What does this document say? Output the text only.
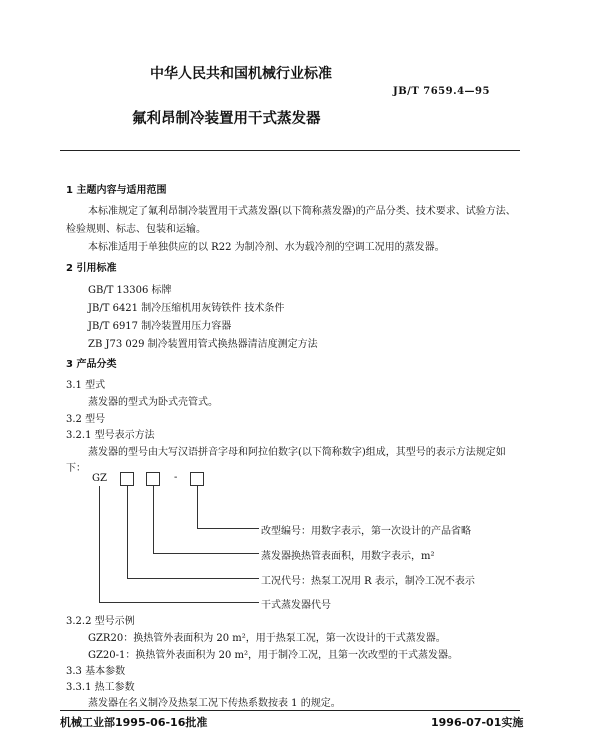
中华人民共和国机械行业标准
JB/T 7659.4—95
氟利昂制冷装置用干式蒸发器
1 主题内容与适用范围
本标准规定了氟利昂制冷装置用干式蒸发器(以下简称蒸发器)的产品分类、技术要求、试验方法、
检验规则、标志、包装和运输。
本标准适用于单独供应的以 R22 为制冷剂、水为载冷剂的空调工况用的蒸发器。
2 引用标准
GB/T 13306 标牌
JB/T 6421 制冷压缩机用灰铸铁件 技术条件
JB/T 6917 制冷装置用压力容器
ZB J73 029 制冷装置用管式换热器清洁度测定方法
3 产品分类
3.1 型式
蒸发器的型式为卧式壳管式。
3.2 型号
3.2.1 型号表示方法
蒸发器的型号由大写汉语拼音字母和阿拉伯数字(以下简称数字)组成，其型号的表示方法规定如
下：
GZ	-
改型编号：用数字表示，第一次设计的产品省略
蒸发器换热管表面积，用数字表示，m²
工况代号：热泵工况用 R 表示，制冷工况不表示
干式蒸发器代号
3.2.2 型号示例
GZR20：换热管外表面积为 20 m²，用于热泵工况，第一次设计的干式蒸发器。
GZ20-1：换热管外表面积为 20 m²，用于制冷工况，且第一次改型的干式蒸发器。
3.3 基本参数
3.3.1 热工参数
蒸发器在名义制冷及热泵工况下传热系数按表 1 的规定。
机械工业部1995-06-16批准	1996-07-01实施
